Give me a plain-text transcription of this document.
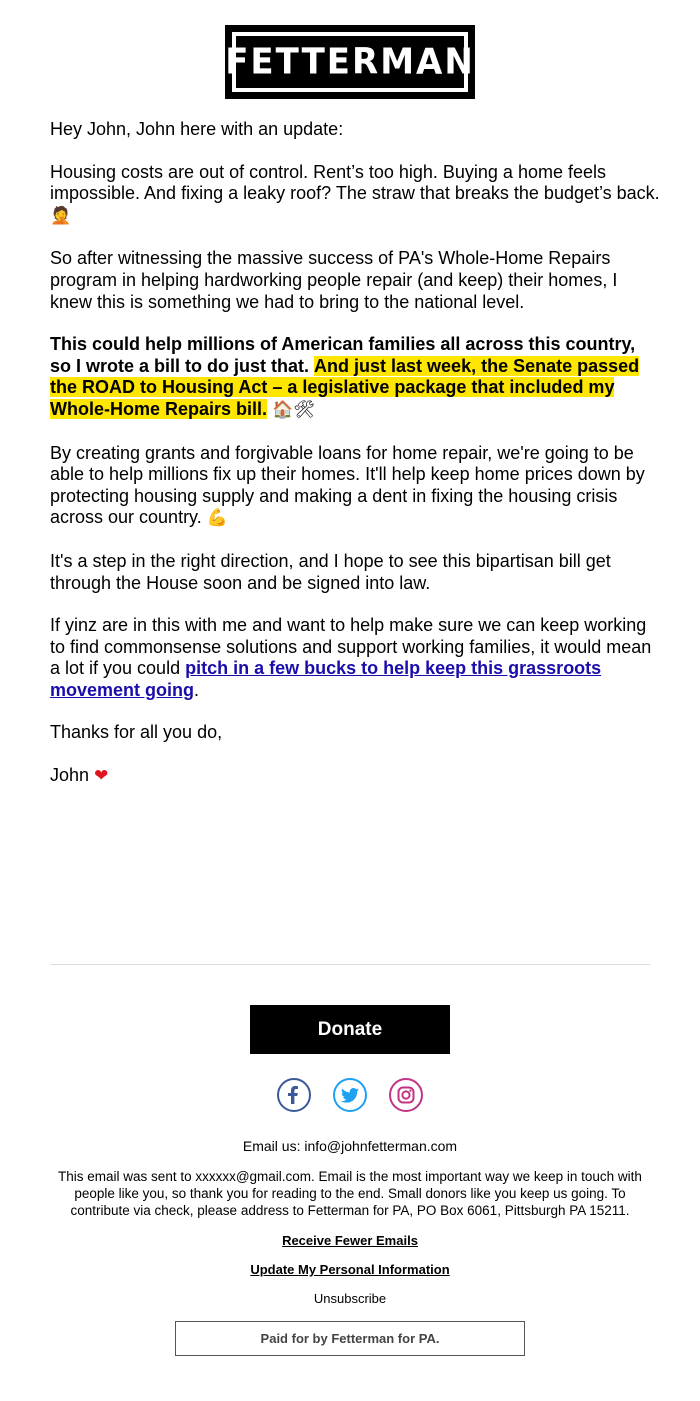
FETTERMAN

Hey John, John here with an update:

Housing costs are out of control. Rent’s too high. Buying a home feels impossible. And fixing a leaky roof? The straw that breaks the budget’s back. 🤦

So after witnessing the massive success of PA's Whole-Home Repairs program in helping hardworking people repair (and keep) their homes, I knew this is something we had to bring to the national level.

This could help millions of American families all across this country, so I wrote a bill to do just that. And just last week, the Senate passed the ROAD to Housing Act – a legislative package that included my Whole-Home Repairs bill. 🏠🛠

By creating grants and forgivable loans for home repair, we're going to be able to help millions fix up their homes. It'll help keep home prices down by protecting housing supply and making a dent in fixing the housing crisis across our country. 💪

It's a step in the right direction, and I hope to see this bipartisan bill get through the House soon and be signed into law.

If yinz are in this with me and want to help make sure we can keep working to find commonsense solutions and support working families, it would mean a lot if you could pitch in a few bucks to help keep this grassroots movement going.

Thanks for all you do,

John ❤

Donate
Email us: info@johnfetterman.com
This email was sent to xxxxxx@gmail.com. Email is the most important way we keep in touch with people like you, so thank you for reading to the end. Small donors like you keep us going. To contribute via check, please address to Fetterman for PA, PO Box 6061, Pittsburgh PA 15211.
Receive Fewer Emails
Update My Personal Information
Unsubscribe
Paid for by Fetterman for PA.
